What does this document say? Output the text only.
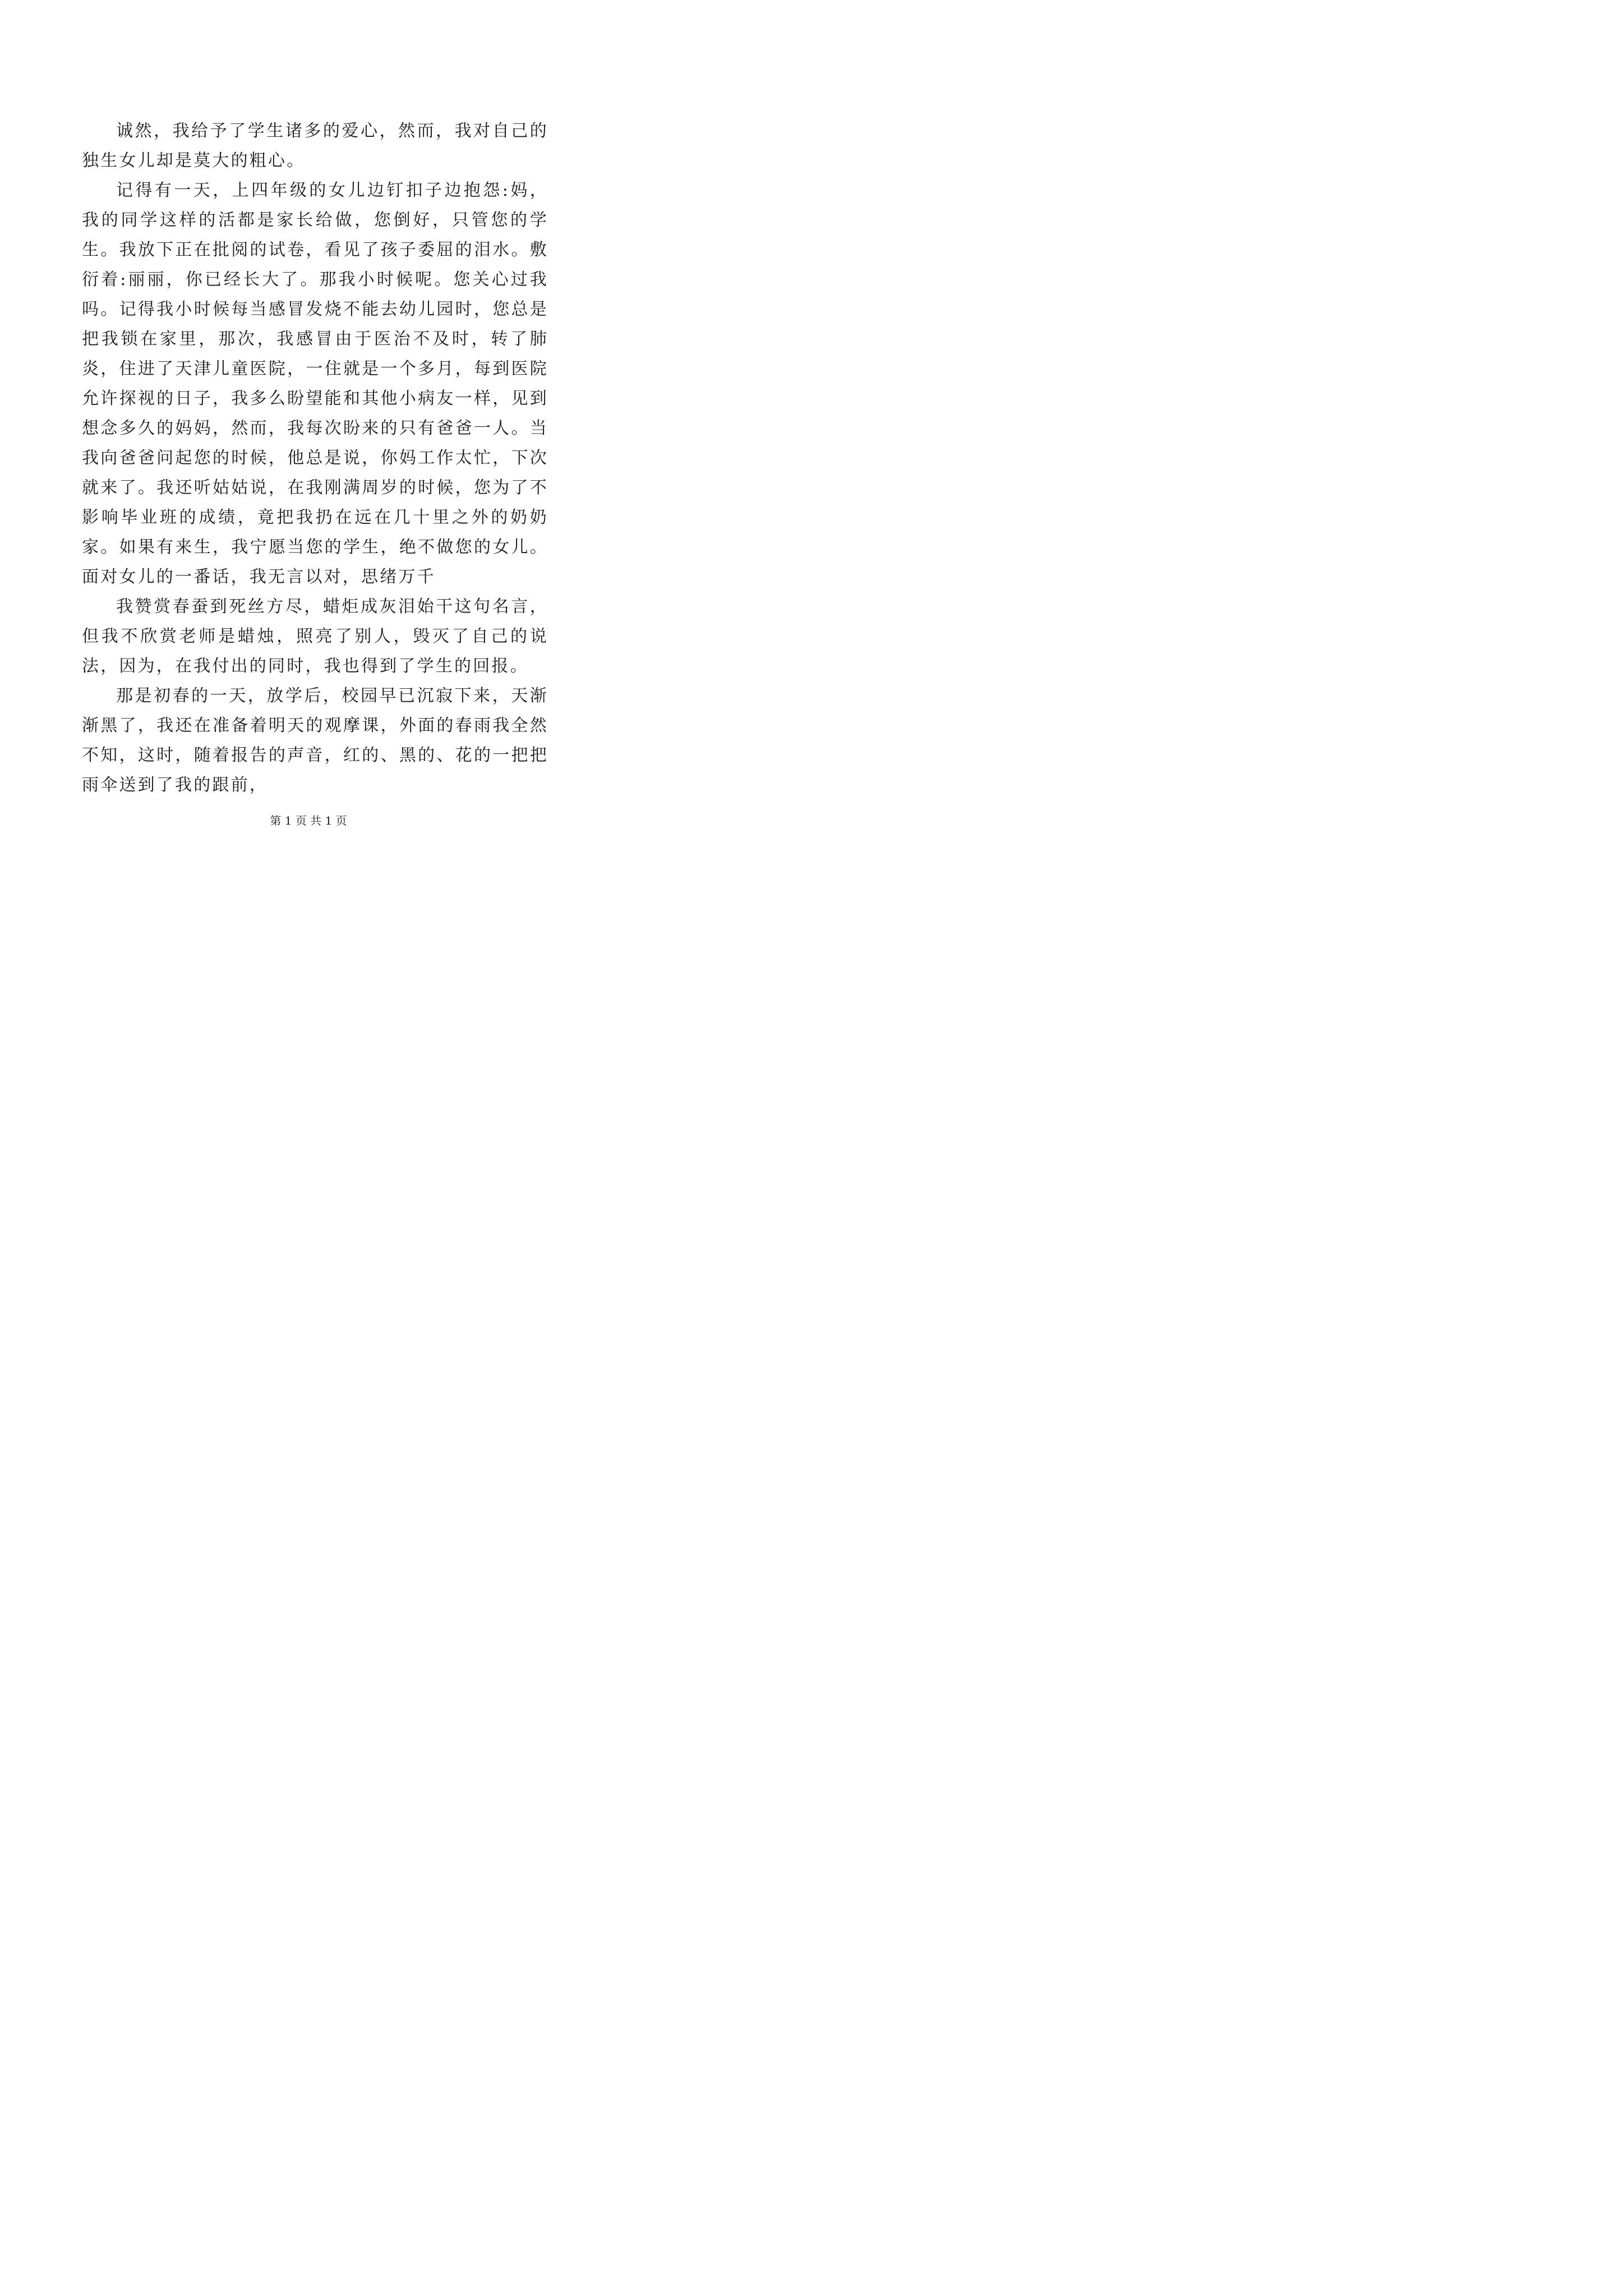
诚然，我给予了学生诸多的爱心，然而，我对自己的独生女儿却是莫大的粗心。

记得有一天，上四年级的女儿边钉扣子边抱怨:妈，我的同学这样的活都是家长给做，您倒好，只管您的学生。我放下正在批阅的试卷，看见了孩子委屈的泪水。敷衍着:丽丽，你已经长大了。那我小时候呢。您关心过我吗。记得我小时候每当感冒发烧不能去幼儿园时，您总是把我锁在家里，那次，我感冒由于医治不及时，转了肺炎，住进了天津儿童医院，一住就是一个多月，每到医院允许探视的日子，我多么盼望能和其他小病友一样，见到想念多久的妈妈，然而，我每次盼来的只有爸爸一人。当我向爸爸问起您的时候，他总是说，你妈工作太忙，下次就来了。我还听姑姑说，在我刚满周岁的时候，您为了不影响毕业班的成绩，竟把我扔在远在几十里之外的奶奶家。如果有来生，我宁愿当您的学生，绝不做您的女儿。面对女儿的一番话，我无言以对，思绪万千

我赞赏春蚕到死丝方尽，蜡炬成灰泪始干这句名言，但我不欣赏老师是蜡烛，照亮了别人，毁灭了自己的说法，因为，在我付出的同时，我也得到了学生的回报。

那是初春的一天，放学后，校园早已沉寂下来，天渐渐黑了，我还在准备着明天的观摩课，外面的春雨我全然不知，这时，随着报告的声音，红的、黑的、花的一把把雨伞送到了我的跟前，

第 1 页 共 1 页
